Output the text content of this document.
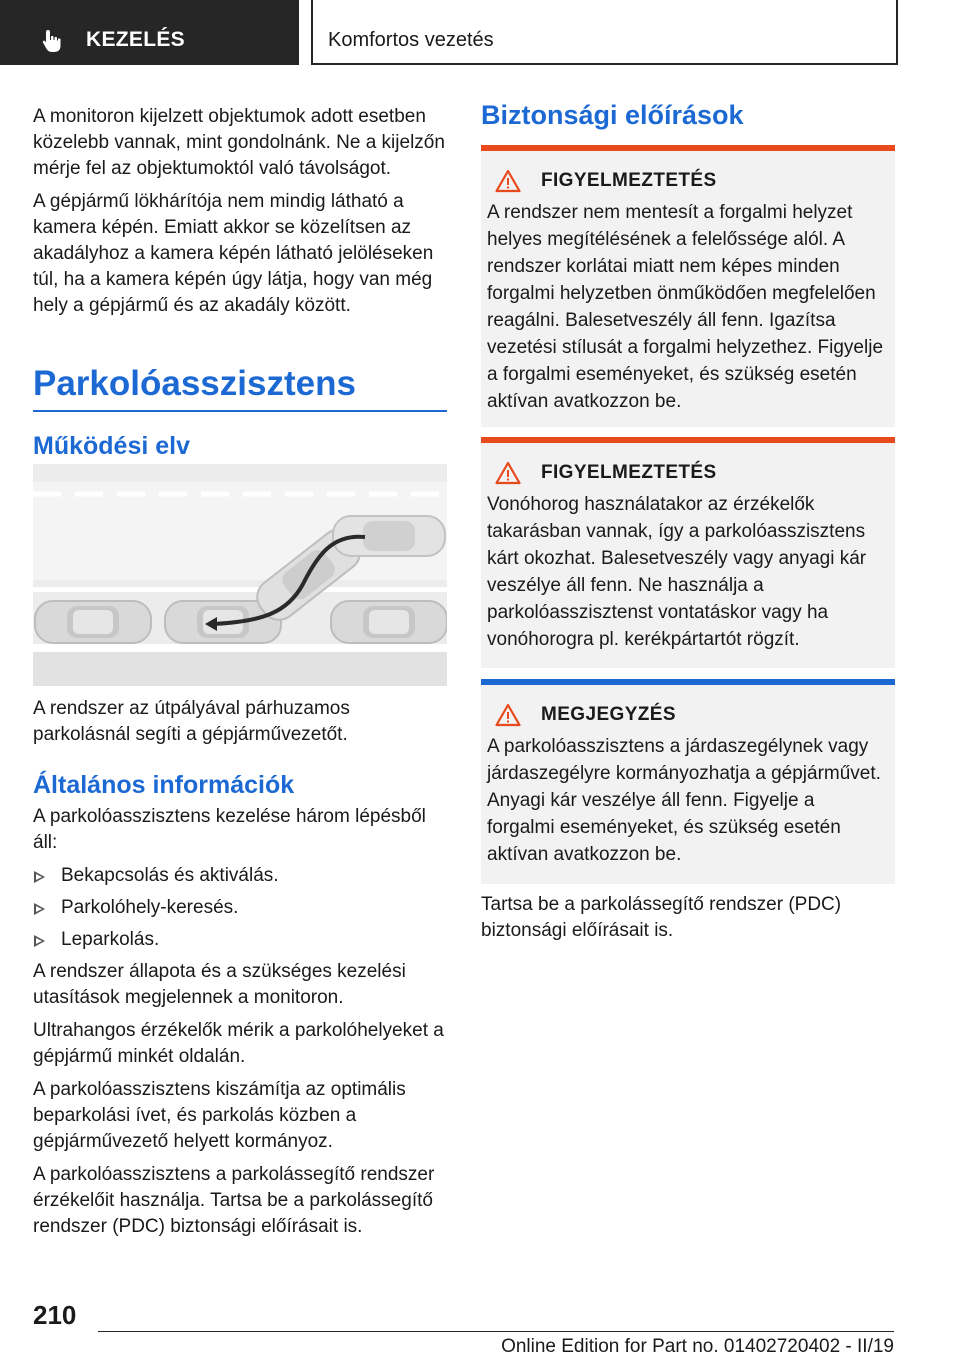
KEZELÉS	Komfortos vezetés

A monitoron kijelzett objektumok adott esetben közelebb vannak, mint gondolnánk. Ne a kijelzőn mérje fel az objektumoktól való távolságot.

A gépjármű lökhárítója nem mindig látható a kamera képén. Emiatt akkor se közelítsen az akadályhoz a kamera képén látható jelöléseken túl, ha a kamera képén úgy látja, hogy van még hely a gépjármű és az akadály között.

Parkolóasszisztens
Működési elv

A rendszer az útpályával párhuzamos parkolásnál segíti a gépjárművezetőt.

Általános információk

A parkolóasszisztens kezelése három lépésből áll:

Bekapcsolás és aktiválás.
Parkolóhely-keresés.
Leparkolás.

A rendszer állapota és a szükséges kezelési utasítások megjelennek a monitoron.

Ultrahangos érzékelők mérik a parkolóhelyeket a gépjármű minkét oldalán.

A parkolóasszisztens kiszámítja az optimális beparkolási ívet, és parkolás közben a gépjárművezető helyett kormányoz.

A parkolóasszisztens a parkolássegítő rendszer érzékelőit használja. Tartsa be a parkolássegítő rendszer (PDC) biztonsági előírásait is.

Biztonsági előírások
FIGYELMEZTETÉS

A rendszer nem mentesít a forgalmi helyzet helyes megítélésének a felelőssége alól. A rendszer korlátai miatt nem képes minden forgalmi helyzetben önműködően megfelelően reagálni. Balesetveszély áll fenn. Igazítsa vezetési stílusát a forgalmi helyzethez. Figyelje a forgalmi eseményeket, és szükség esetén aktívan avatkozzon be.

FIGYELMEZTETÉS

Vonóhorog használatakor az érzékelők takarásban vannak, így a parkolóasszisztens kárt okozhat. Balesetveszély vagy anyagi kár veszélye áll fenn. Ne használja a parkolóasszisztenst vontatáskor vagy ha vonóhorogra pl. kerékpártartót rögzít.

MEGJEGYZÉS

A parkolóasszisztens a járdaszegélynek vagy járdaszegélyre kormányozhatja a gépjárművet. Anyagi kár veszélye áll fenn. Figyelje a forgalmi eseményeket, és szükség esetén aktívan avatkozzon be.

Tartsa be a parkolássegítő rendszer (PDC) biztonsági előírásait is.

210
Online Edition for Part no. 01402720402 - II/19
